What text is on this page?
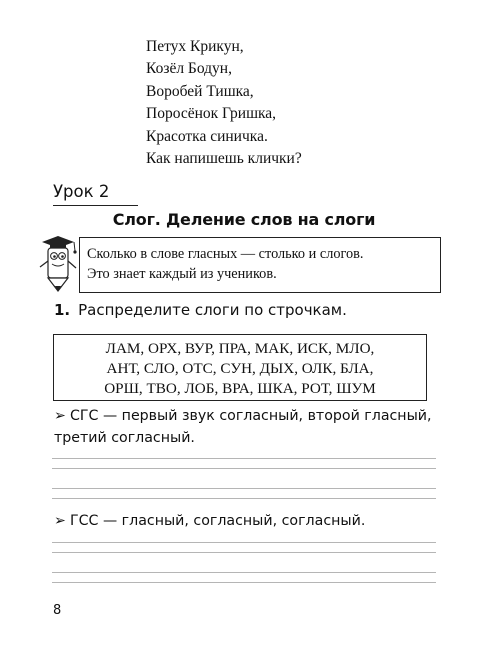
Петух Крикун,
Козёл Бодун,
Воробей Тишка,
Поросёнок Гришка,
Красотка синичка.
Как напишешь клички?
Урок 2
Слог. Деление слов на слоги
Сколько в слове гласных — столько и слогов.
Это знает каждый из учеников.
1. Распределите слоги по строчкам.
ЛАМ, ОРХ, ВУР, ПРА, МАК, ИСК, МЛО,
АНТ, СЛО, ОТС, СУН, ДЫХ, ОЛК, БЛА,
ОРШ, ТВО, ЛОБ, ВРА, ШКА, РОТ, ШУМ
➢ СГС — первый звук согласный, второй гласный, третий согласный.
➢ ГСС — гласный, согласный, согласный.
8
